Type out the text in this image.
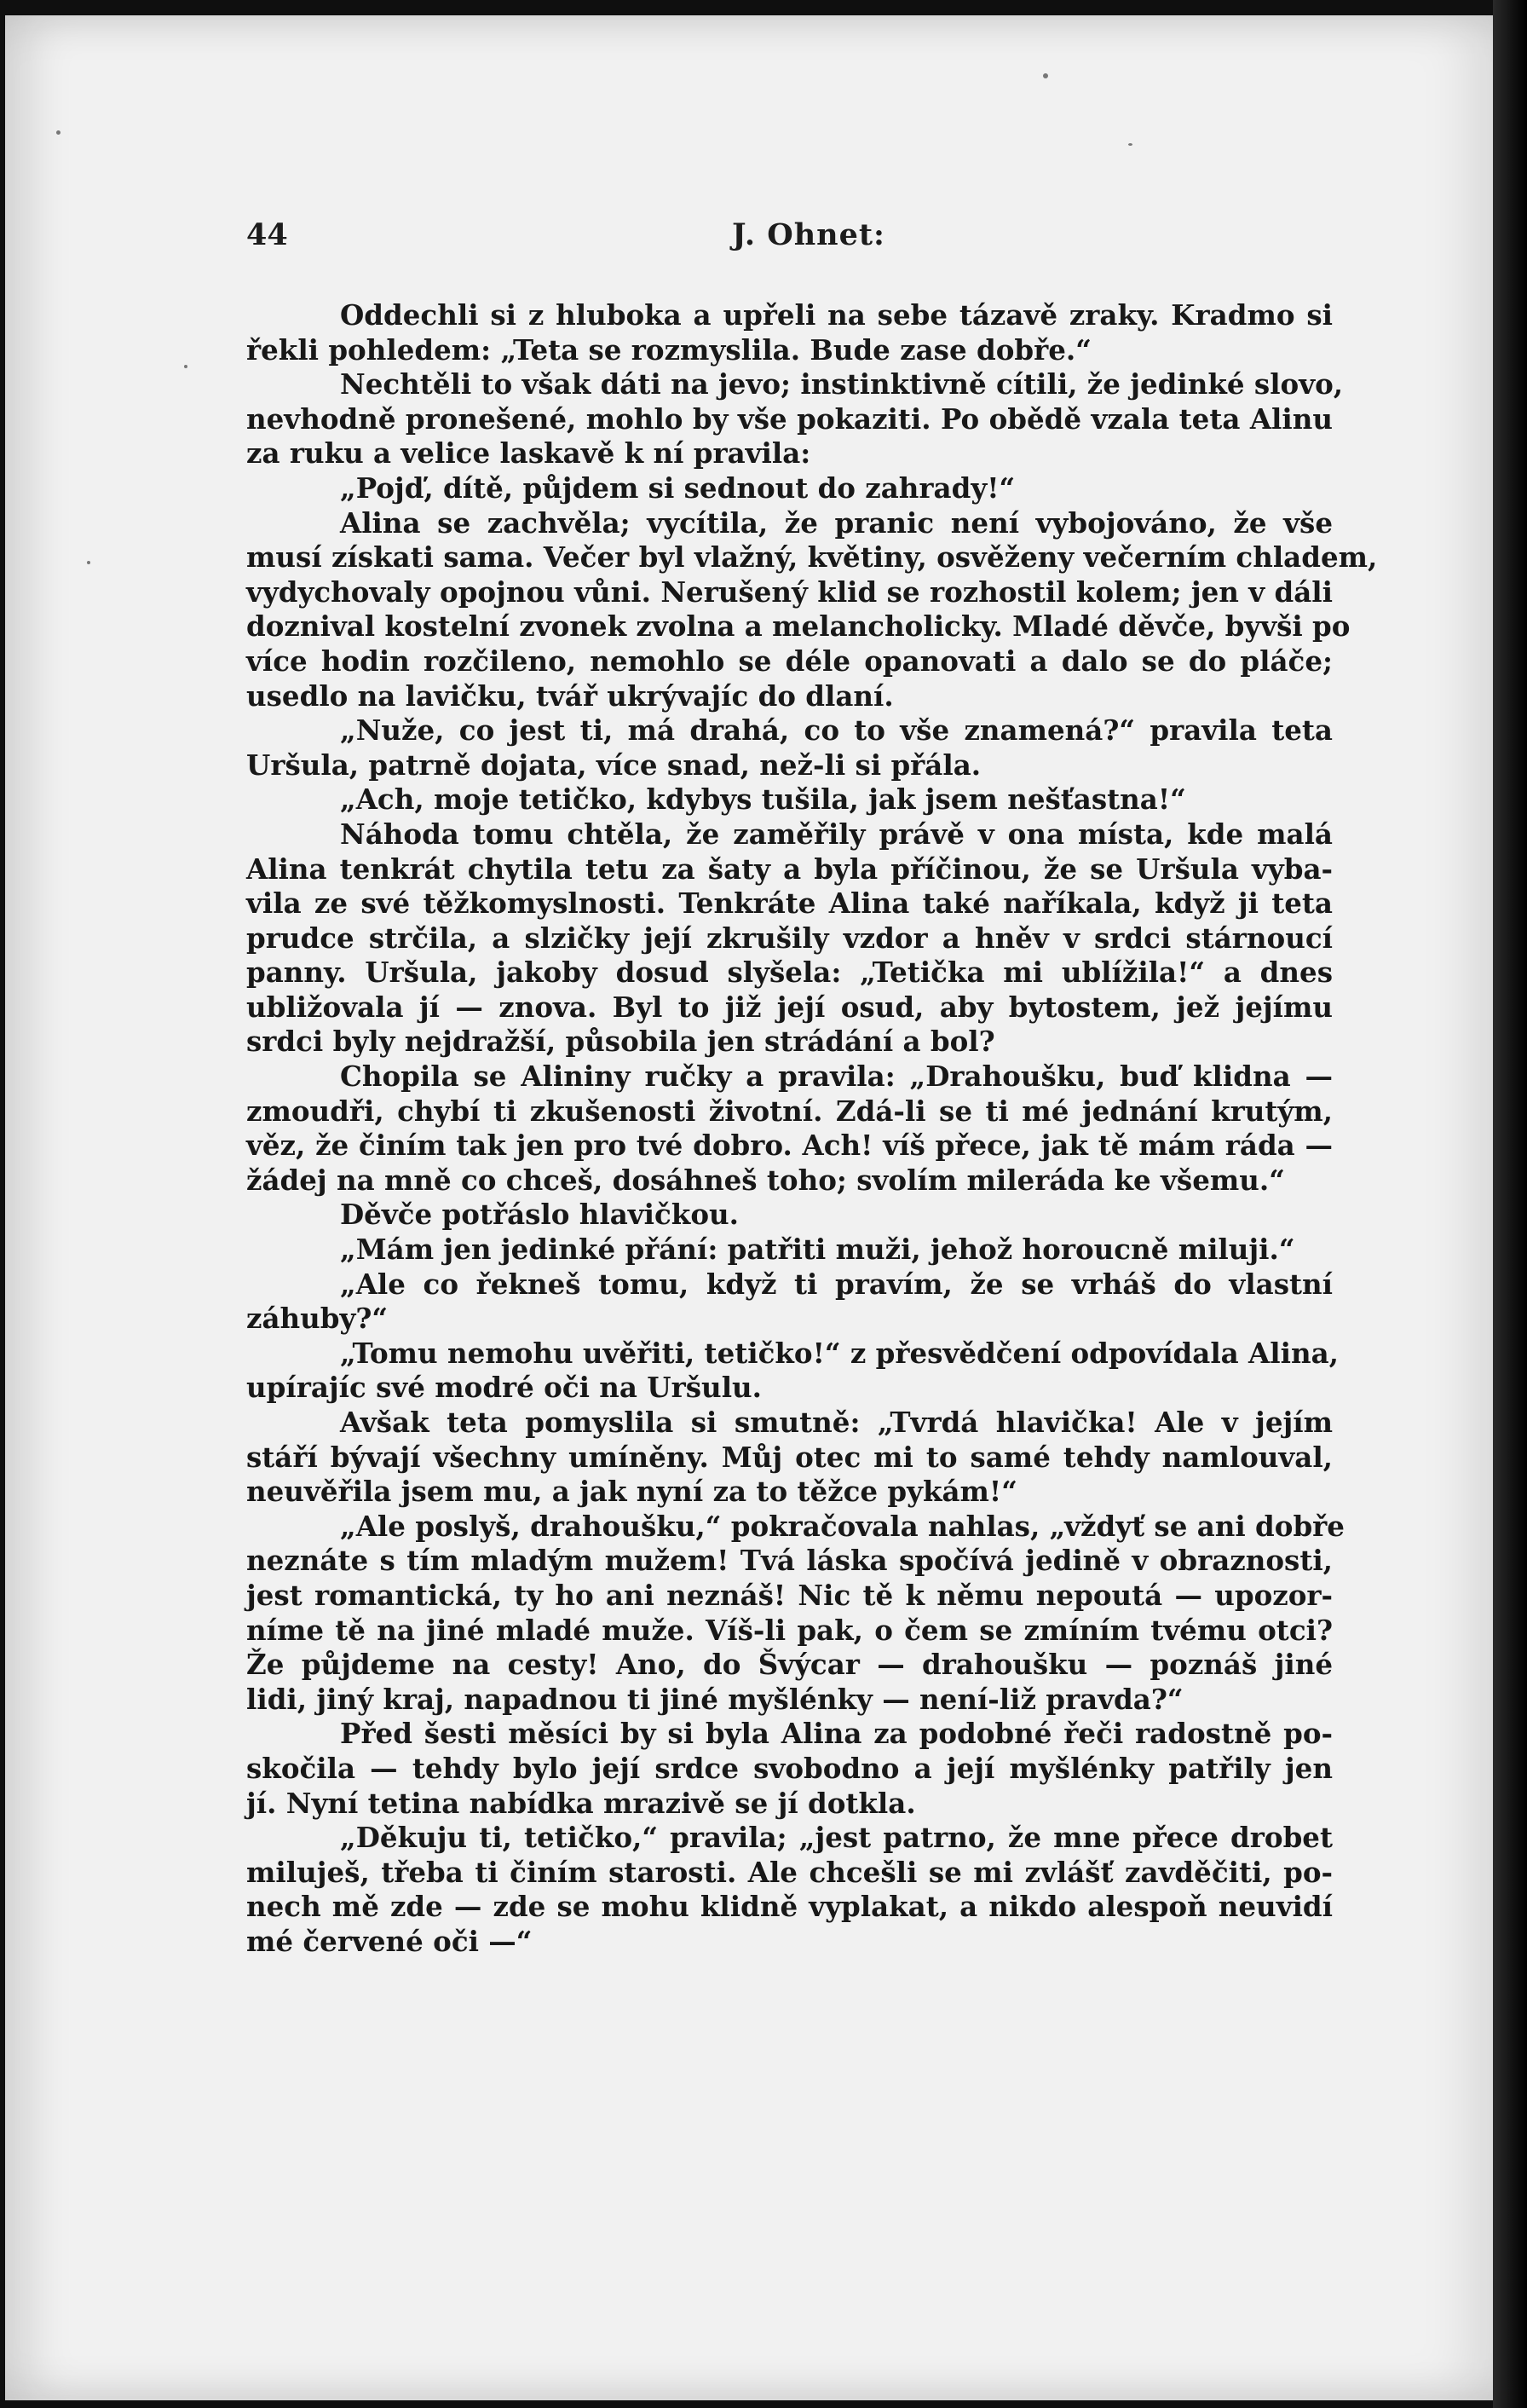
44	J. Ohnet:
Oddechli si z hluboka a upřeli na sebe tázavě zraky. Kradmo si
řekli pohledem: „Teta se rozmyslila. Bude zase dobře.“
Nechtěli to však dáti na jevo; instinktivně cítili, že jedinké slovo,
nevhodně pronešené, mohlo by vše pokaziti. Po obědě vzala teta Alinu
za ruku a velice laskavě k ní pravila:
„Pojď, dítě, půjdem si sednout do zahrady!“
Alina se zachvěla; vycítila, že pranic není vybojováno, že vše
musí získati sama. Večer byl vlažný, květiny, osvěženy večerním chladem,
vydychovaly opojnou vůni. Nerušený klid se rozhostil kolem; jen v dáli
doznival kostelní zvonek zvolna a melancholicky. Mladé děvče, byvši po
více hodin rozčileno, nemohlo se déle opanovati a dalo se do pláče;
usedlo na lavičku, tvář ukrývajíc do dlaní.
„Nuže, co jest ti, má drahá, co to vše znamená?“ pravila teta
Uršula, patrně dojata, více snad, než-li si přála.
„Ach, moje tetičko, kdybys tušila, jak jsem nešťastna!“
Náhoda tomu chtěla, že zaměřily právě v ona místa, kde malá
Alina tenkrát chytila tetu za šaty a byla příčinou, že se Uršula vyba-
vila ze své těžkomyslnosti. Tenkráte Alina také naříkala, když ji teta
prudce strčila, a slzičky její zkrušily vzdor a hněv v srdci stárnoucí
panny. Uršula, jakoby dosud slyšela: „Tetička mi ublížila!“ a dnes
ubližovala jí — znova. Byl to již její osud, aby bytostem, jež jejímu
srdci byly nejdražší, působila jen strádání a bol?
Chopila se Alininy ručky a pravila: „Drahoušku, buď klidna —
zmoudři, chybí ti zkušenosti životní. Zdá-li se ti mé jednání krutým,
věz, že činím tak jen pro tvé dobro. Ach! víš přece, jak tě mám ráda —
žádej na mně co chceš, dosáhneš toho; svolím mileráda ke všemu.“
Děvče potřáslo hlavičkou.
„Mám jen jedinké přání: patřiti muži, jehož horoucně miluji.“
„Ale co řekneš tomu, když ti pravím, že se vrháš do vlastní
záhuby?“
„Tomu nemohu uvěřiti, tetičko!“ z přesvědčení odpovídala Alina,
upírajíc své modré oči na Uršulu.
Avšak teta pomyslila si smutně: „Tvrdá hlavička! Ale v jejím
stáří bývají všechny umíněny. Můj otec mi to samé tehdy namlouval,
neuvěřila jsem mu, a jak nyní za to těžce pykám!“
„Ale poslyš, drahoušku,“ pokračovala nahlas, „vždyť se ani dobře
neznáte s tím mladým mužem! Tvá láska spočívá jedině v obraznosti,
jest romantická, ty ho ani neznáš! Nic tě k němu nepoutá — upozor-
níme tě na jiné mladé muže. Víš-li pak, o čem se zmíním tvému otci?
Že půjdeme na cesty! Ano, do Švýcar — drahoušku — poznáš jiné
lidi, jiný kraj, napadnou ti jiné myšlénky — není-liž pravda?“
Před šesti měsíci by si byla Alina za podobné řeči radostně po-
skočila — tehdy bylo její srdce svobodno a její myšlénky patřily jen
jí. Nyní tetina nabídka mrazivě se jí dotkla.
„Děkuju ti, tetičko,“ pravila; „jest patrno, že mne přece drobet
miluješ, třeba ti činím starosti. Ale chcešli se mi zvlášť zavděčiti, po-
nech mě zde — zde se mohu klidně vyplakat, a nikdo alespoň neuvidí
mé červené oči —“
